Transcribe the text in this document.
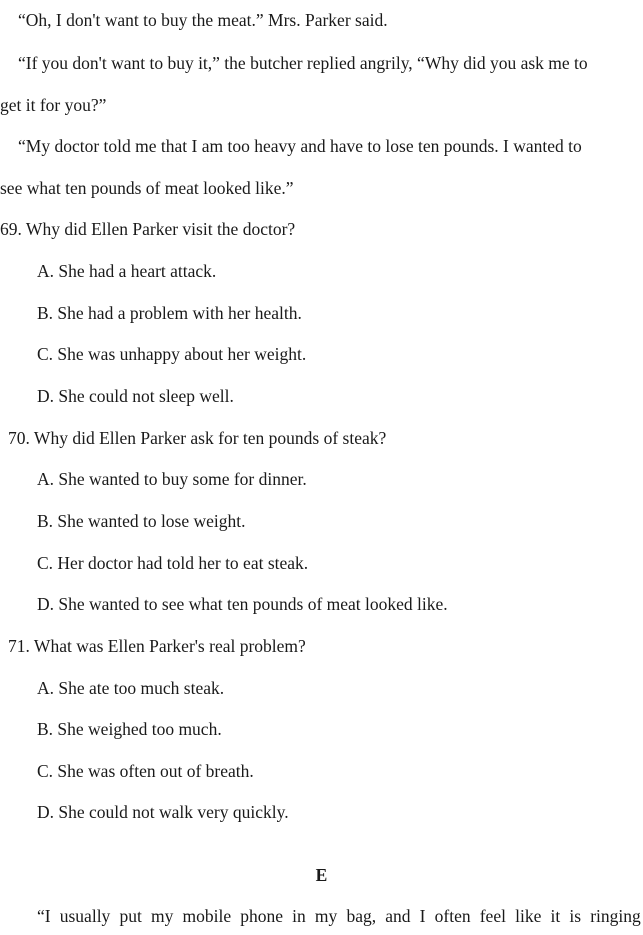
“Oh, I don't want to buy the meat.” Mrs. Parker said.
“If you don't want to buy it,” the butcher replied angrily, “Why did you ask me to
get it for you?”
“My doctor told me that I am too heavy and have to lose ten pounds. I wanted to
see what ten pounds of meat looked like.”
69. Why did Ellen Parker visit the doctor?
A. She had a heart attack.
B. She had a problem with her health.
C. She was unhappy about her weight.
D. She could not sleep well.
70. Why did Ellen Parker ask for ten pounds of steak?
A. She wanted to buy some for dinner.
B. She wanted to lose weight.
C. Her doctor had told her to eat steak.
D. She wanted to see what ten pounds of meat looked like.
71. What was Ellen Parker's real problem?
A. She ate too much steak.
B. She weighed too much.
C. She was often out of breath.
D. She could not walk very quickly.
E
“I usually put my mobile phone in my bag, and I often feel like it is ringing
